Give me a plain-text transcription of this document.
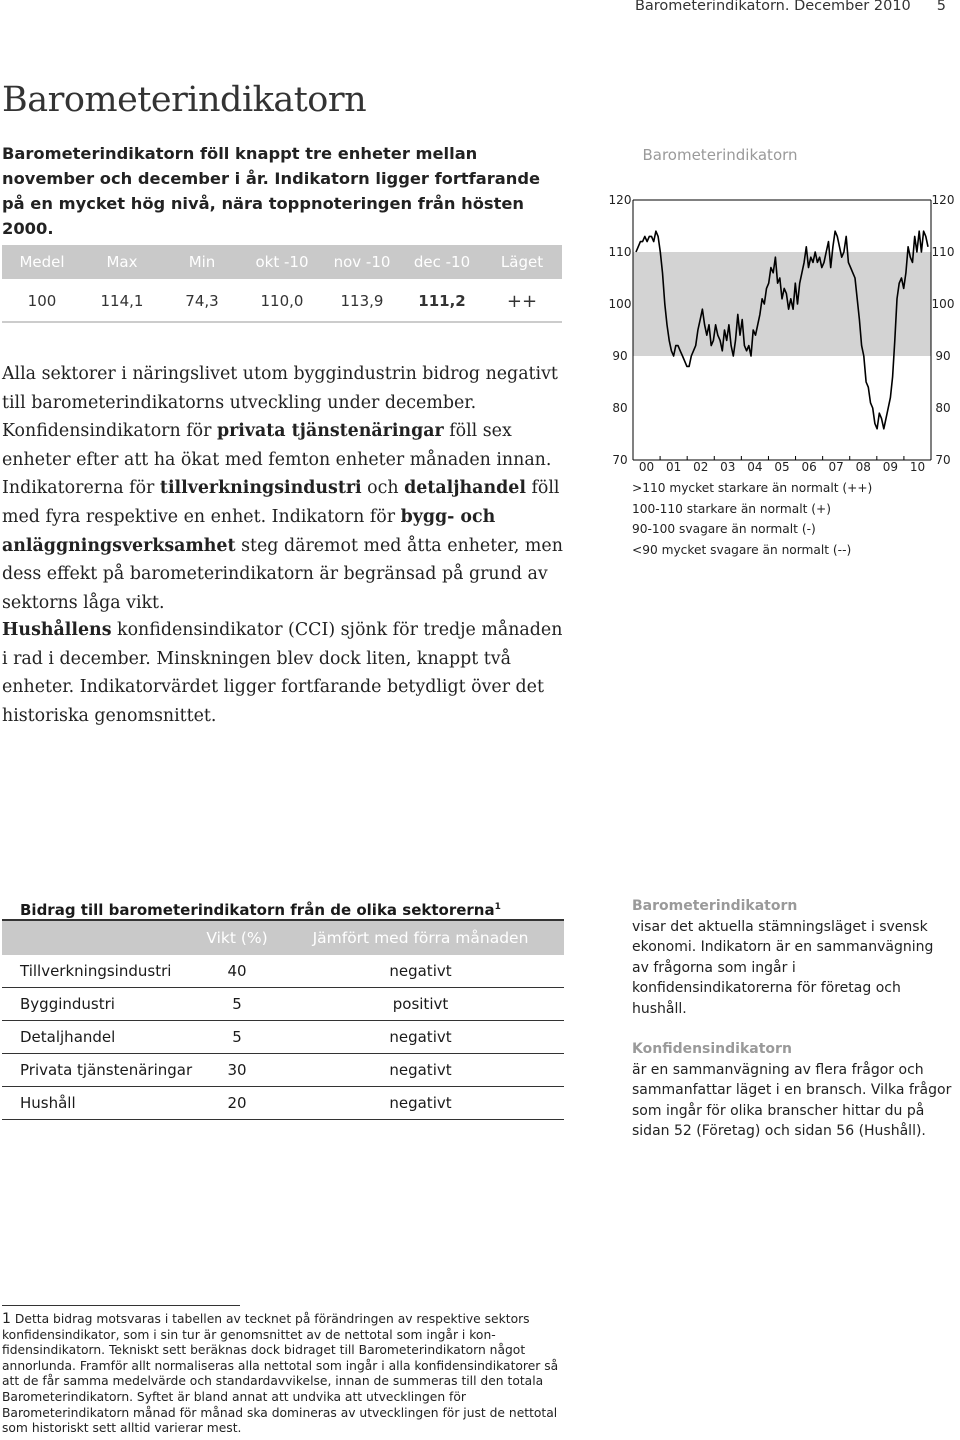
Barometerindikatorn. December 2010 5
Barometerindikatorn
Barometerindikatorn föll knappt tre enheter mellan november och december i år. Indikatorn ligger fortfarande på en mycket hög nivå, nära toppnoteringen från hösten 2000.
Medel	Max	Min	okt -10	nov -10	dec -10	Läget
100	114,1	74,3	110,0	113,9	111,2	++
Alla sektorer i näringslivet utom byggindustrin bidrog negativt till barometerindikatorns utveckling under december. Konfidensindikatorn för privata tjänstenäringar föll sex enheter efter att ha ökat med femton enheter månaden innan. Indikatorerna för tillverkningsindustri och detaljhandel föll med fyra respektive en enhet. Indikatorn för bygg- och anläggningsverksamhet steg däremot med åtta enheter, men dess effekt på barometerindikatorn är begränsad på grund av sektorns låga vikt.
Hushållens konfidensindikator (CCI) sjönk för tredje månaden i rad i december. Minskningen blev dock liten, knappt två enheter. Indikatorvärdet ligger fortfarande betydligt över det historiska genomsnittet.
Barometerindikatorn
70
80
90
100
110
120
70
80
90
100
110
120
00 01 02 03 04 05 06 07 08 09 10
>110 mycket starkare än normalt (++)
100-110 starkare än normalt (+)
90-100 svagare än normalt (-)
<90 mycket svagare än normalt (--)
Bidrag till barometerindikatorn från de olika sektorerna$^1$
Vikt (%)	Jämfört med förra månaden
Tillverkningsindustri	40	negativt
Byggindustri	5	positivt
Detaljhandel	5	negativt
Privata tjänstenäringar	30	negativt
Hushåll	20	negativt

Barometerindikatorn
visar det aktuella stämningsläget i svensk ekonomi. Indikatorn är en sammanvägning av frågorna som ingår i konfidensindikatorerna för företag och hushåll.

Konfidensindikatorn
är en sammanvägning av flera frågor och sammanfattar läget i en bransch. Vilka frågor som ingår för olika branscher hittar du på sidan 52 (Företag) och sidan 56 (Hushåll).

1 Detta bidrag motsvaras i tabellen av tecknet på förändringen av respektive sektors konfidensindikator, som i sin tur är genomsnittet av de nettotal som ingår i konfidensindikatorn. Tekniskt sett beräknas dock bidraget till Barometerindikatorn något annorlunda. Framför allt normaliseras alla nettotal som ingår i alla konfidensindikatorer så att de får samma medelvärde och standardavvikelse, innan de summeras till den totala Barometerindikatorn. Syftet är bland annat att undvika att utvecklingen för Barometerindikatorn månad för månad ska domineras av utvecklingen för just de nettotal som historiskt sett alltid varierar mest.
